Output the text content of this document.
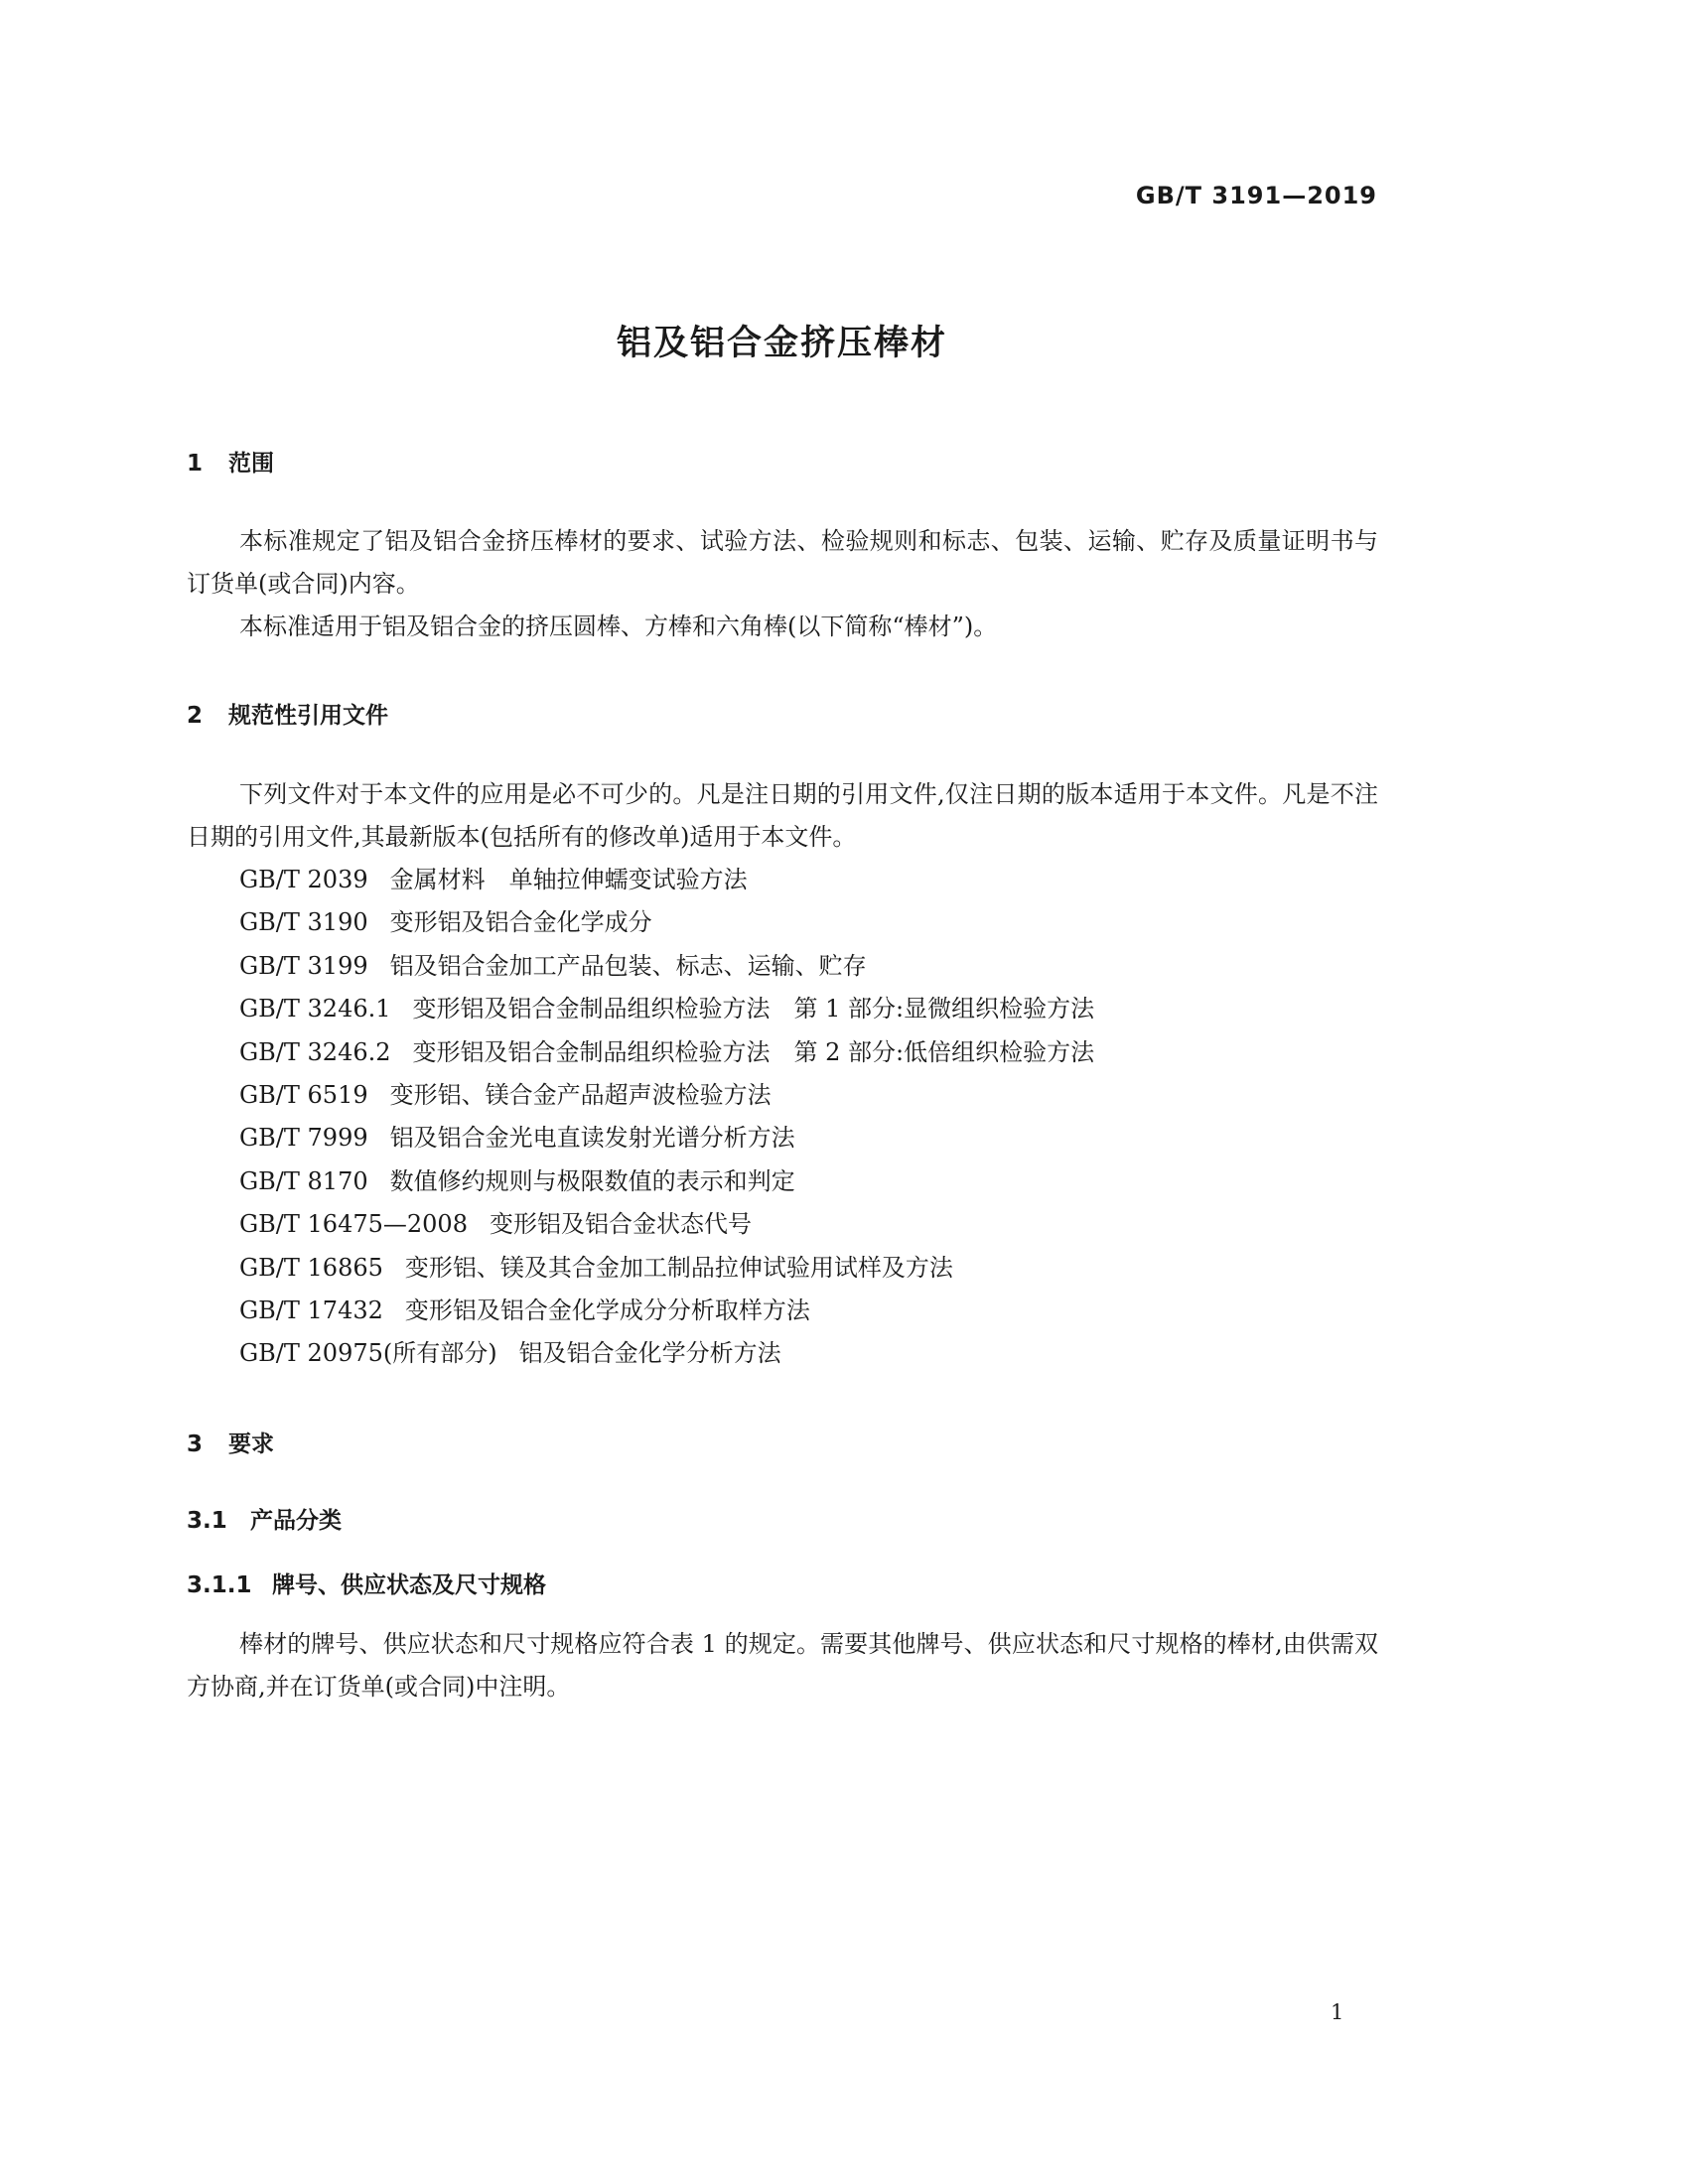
GB/T 3191—2019
铝及铝合金挤压棒材
1 范围
本标准规定了铝及铝合金挤压棒材的要求、试验方法、检验规则和标志、包装、运输、贮存及质量证明书与订货单(或合同)内容。
本标准适用于铝及铝合金的挤压圆棒、方棒和六角棒(以下简称“棒材”)。
2 规范性引用文件
下列文件对于本文件的应用是必不可少的。凡是注日期的引用文件,仅注日期的版本适用于本文件。凡是不注日期的引用文件,其最新版本(包括所有的修改单)适用于本文件。
GB/T 2039 金属材料　单轴拉伸蠕变试验方法
GB/T 3190 变形铝及铝合金化学成分
GB/T 3199 铝及铝合金加工产品包装、标志、运输、贮存
GB/T 3246.1 变形铝及铝合金制品组织检验方法　第 1 部分:显微组织检验方法
GB/T 3246.2 变形铝及铝合金制品组织检验方法　第 2 部分:低倍组织检验方法
GB/T 6519 变形铝、镁合金产品超声波检验方法
GB/T 7999 铝及铝合金光电直读发射光谱分析方法
GB/T 8170 数值修约规则与极限数值的表示和判定
GB/T 16475—2008 变形铝及铝合金状态代号
GB/T 16865 变形铝、镁及其合金加工制品拉伸试验用试样及方法
GB/T 17432 变形铝及铝合金化学成分分析取样方法
GB/T 20975(所有部分) 铝及铝合金化学分析方法
3 要求
3.1 产品分类
3.1.1 牌号、供应状态及尺寸规格
棒材的牌号、供应状态和尺寸规格应符合表 1 的规定。需要其他牌号、供应状态和尺寸规格的棒材,由供需双方协商,并在订货单(或合同)中注明。
1
